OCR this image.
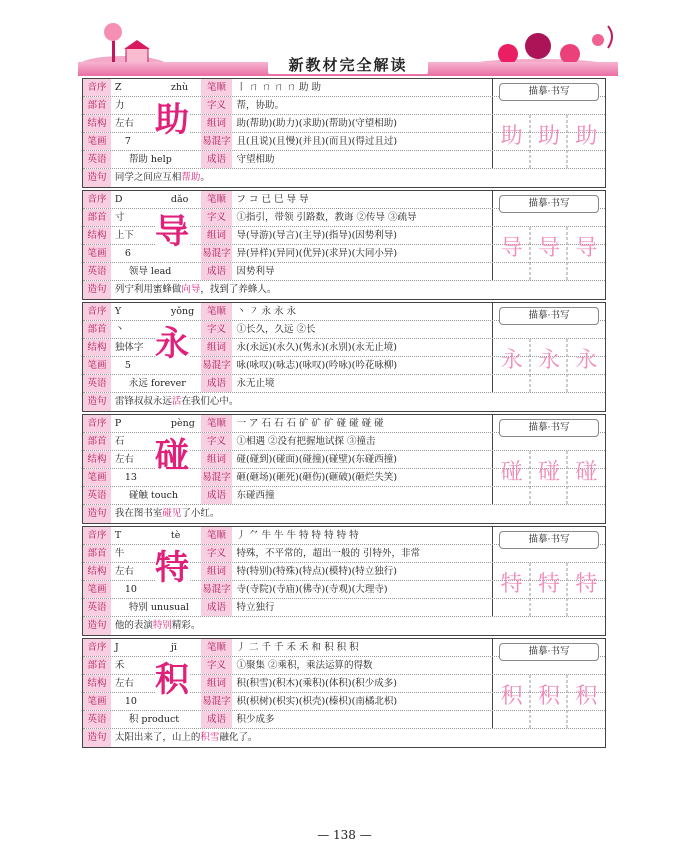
新教材完全解读
音序 Z	zhù	笔顺	丨 ㄇ ㄇ ㄇ ㄇ 助 助
部首 力	字义	帮，协助。
结构 左右	组词	助(帮助)(助力)(求助)(帮助)(守望相助)
笔画	7	易混字 且(且说)(且慢)(并且)(而且)(得过且过)
英语	帮助 help	成语	守望相助
造句 同学之间应互相帮助。
助
描摹·书写
助 助 助
音序 D	dǎo	笔顺	フ コ 已 巳 导 导
部首 寸	字义	①指引，带领 引路数，教诲 ②传导 ③疏导
结构 上下	组词	导(导游)(导言)(主导)(指导)(因势利导)
笔画	6	易混字 异(异样)(异同)(优异)(求异)(大同小异)
英语	领导 lead	成语	因势利导
造句 列宁利用蜜蜂做向导，找到了养蜂人。
导
描摹·书写
导 导 导
音序 Y	yǒng	笔顺	丶 ㇇ 永 永 永
部首 丶	字义	①长久，久远 ②长
结构 独体字	组词	永(永远)(永久)(隽永)(永别)(永无止境)
笔画	5	易混字 咏(咏叹)(咏志)(咏叹)(吟咏)(吟花咏柳)
英语	永远 forever	成语	永无止境
造句 雷锋叔叔永远活在我们心中。
永
描摹·书写
永 永 永
音序 P	pèng	笔顺	一 ア 石 石 石 矿 矿 矿 碰 碰 碰 碰
部首 石	字义	①相遇 ②没有把握地试探 ③撞击
结构 左右	组词	碰(碰到)(碰面)(碰撞)(碰壁)(东碰西撞)
笔画	13	易混字 砸(砸场)(砸死)(砸伤)(砸破)(砸烂失笑)
英语	碰触 touch	成语	东碰西撞
造句 我在图书室碰见了小红。
碰
描摹·书写
碰 碰 碰
音序 T	tè	笔顺	丿 ⺈ 牛 牛 牛 特 特 特 特 特
部首 牛	字义	特殊，不平常的，超出一般的 引特外，非常
结构 左右	组词	特(特别)(特殊)(特点)(模特)(特立独行)
笔画	10	易混字 寺(寺院)(寺庙)(佛寺)(寺观)(大理寺)
英语	特别 unusual	成语	特立独行
造句 他的表演特别精彩。
特
描摹·书写
特 特 特
音序 J	jī	笔顺	丿 二 千 千 禾 禾 和 积 积 积
部首 禾	字义	①聚集 ②乘积，乘法运算的得数
结构 左右	组词	积(积雪)(积木)(乘积)(体积)(积少成多)
笔画	10	易混字 枳(枳树)(枳实)(枳壳)(榛枳)(南橘北枳)
英语	积 product	成语	积少成多
造句 太阳出来了，山上的积雪融化了。
积
描摹·书写
积 积 积
— 138 —
